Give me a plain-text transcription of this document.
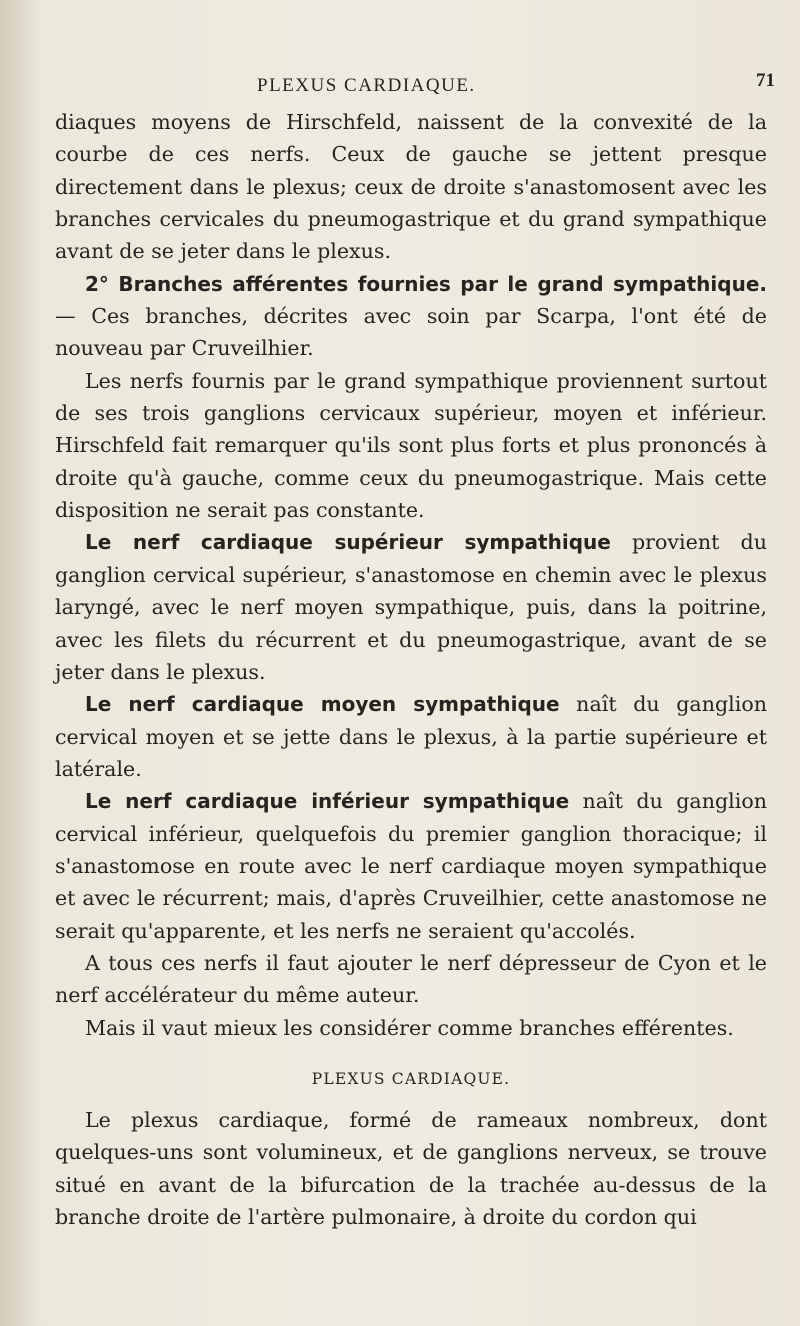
PLEXUS CARDIAQUE.	71

diaques moyens de Hirschfeld, naissent de la convexité de la courbe de ces nerfs. Ceux de gauche se jettent presque directement dans le plexus; ceux de droite s'anastomosent avec les branches cervicales du pneumogastrique et du grand sympathique avant de se jeter dans le plexus.

2° Branches afférentes fournies par le grand sympathique. — Ces branches, décrites avec soin par Scarpa, l'ont été de nouveau par Cruveilhier.

Les nerfs fournis par le grand sympathique proviennent surtout de ses trois ganglions cervicaux supérieur, moyen et inférieur. Hirschfeld fait remarquer qu'ils sont plus forts et plus prononcés à droite qu'à gauche, comme ceux du pneumogastrique. Mais cette disposition ne serait pas constante.

Le nerf cardiaque supérieur sympathique provient du ganglion cervical supérieur, s'anastomose en chemin avec le plexus laryngé, avec le nerf moyen sympathique, puis, dans la poitrine, avec les filets du récurrent et du pneumogastrique, avant de se jeter dans le plexus.

Le nerf cardiaque moyen sympathique naît du ganglion cervical moyen et se jette dans le plexus, à la partie supérieure et latérale.

Le nerf cardiaque inférieur sympathique naît du ganglion cervical inférieur, quelquefois du premier ganglion thoracique; il s'anastomose en route avec le nerf cardiaque moyen sympathique et avec le récurrent; mais, d'après Cruveilhier, cette anastomose ne serait qu'apparente, et les nerfs ne seraient qu'accolés.

A tous ces nerfs il faut ajouter le nerf dépresseur de Cyon et le nerf accélérateur du même auteur.

Mais il vaut mieux les considérer comme branches efférentes.

PLEXUS CARDIAQUE.

Le plexus cardiaque, formé de rameaux nombreux, dont quelques-uns sont volumineux, et de ganglions nerveux, se trouve situé en avant de la bifurcation de la trachée au-dessus de la branche droite de l'artère pulmonaire, à droite du cordon qui
